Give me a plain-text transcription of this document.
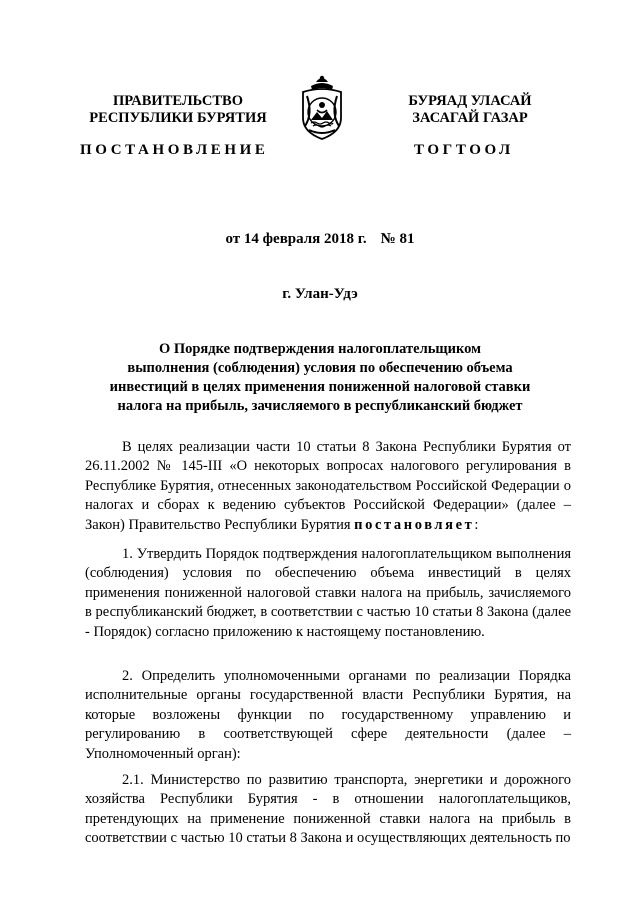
ПРАВИТЕЛЬСТВО
РЕСПУБЛИКИ БУРЯТИЯ
ПОСТАНОВЛЕНИЕ
БУРЯАД УЛАСАЙ
ЗАСАГАЙ ГАЗАР
ТОГТООЛ
от 14 февраля 2018 г. № 81
г. Улан-Удэ
О Порядке подтверждения налогоплательщиком
выполнения (соблюдения) условия по обеспечению объема
инвестиций в целях применения пониженной налоговой ставки
налога на прибыль, зачисляемого в республиканский бюджет
В целях реализации части 10 статьи 8 Закона Республики Бурятия от 26.11.2002 № 145-III «О некоторых вопросах налогового регулирования в Республике Бурятия, отнесенных законодательством Российской Федерации о налогах и сборах к ведению субъектов Российской Федерации» (далее – Закон) Правительство Республики Бурятия постановляет:
1. Утвердить Порядок подтверждения налогоплательщиком выполнения (соблюдения) условия по обеспечению объема инвестиций в целях применения пониженной налоговой ставки налога на прибыль, зачисляемого в республиканский бюджет, в соответствии с частью 10 статьи 8 Закона (далее - Порядок) согласно приложению к настоящему постановлению.
2. Определить уполномоченными органами по реализации Порядка исполнительные органы государственной власти Республики Бурятия, на которые возложены функции по государственному управлению и регулированию в соответствующей сфере деятельности (далее – Уполномоченный орган):
2.1. Министерство по развитию транспорта, энергетики и дорожного хозяйства Республики Бурятия - в отношении налогоплательщиков, претендующих на применение пониженной ставки налога на прибыль в соответствии с частью 10 статьи 8 Закона и осуществляющих деятельность по
